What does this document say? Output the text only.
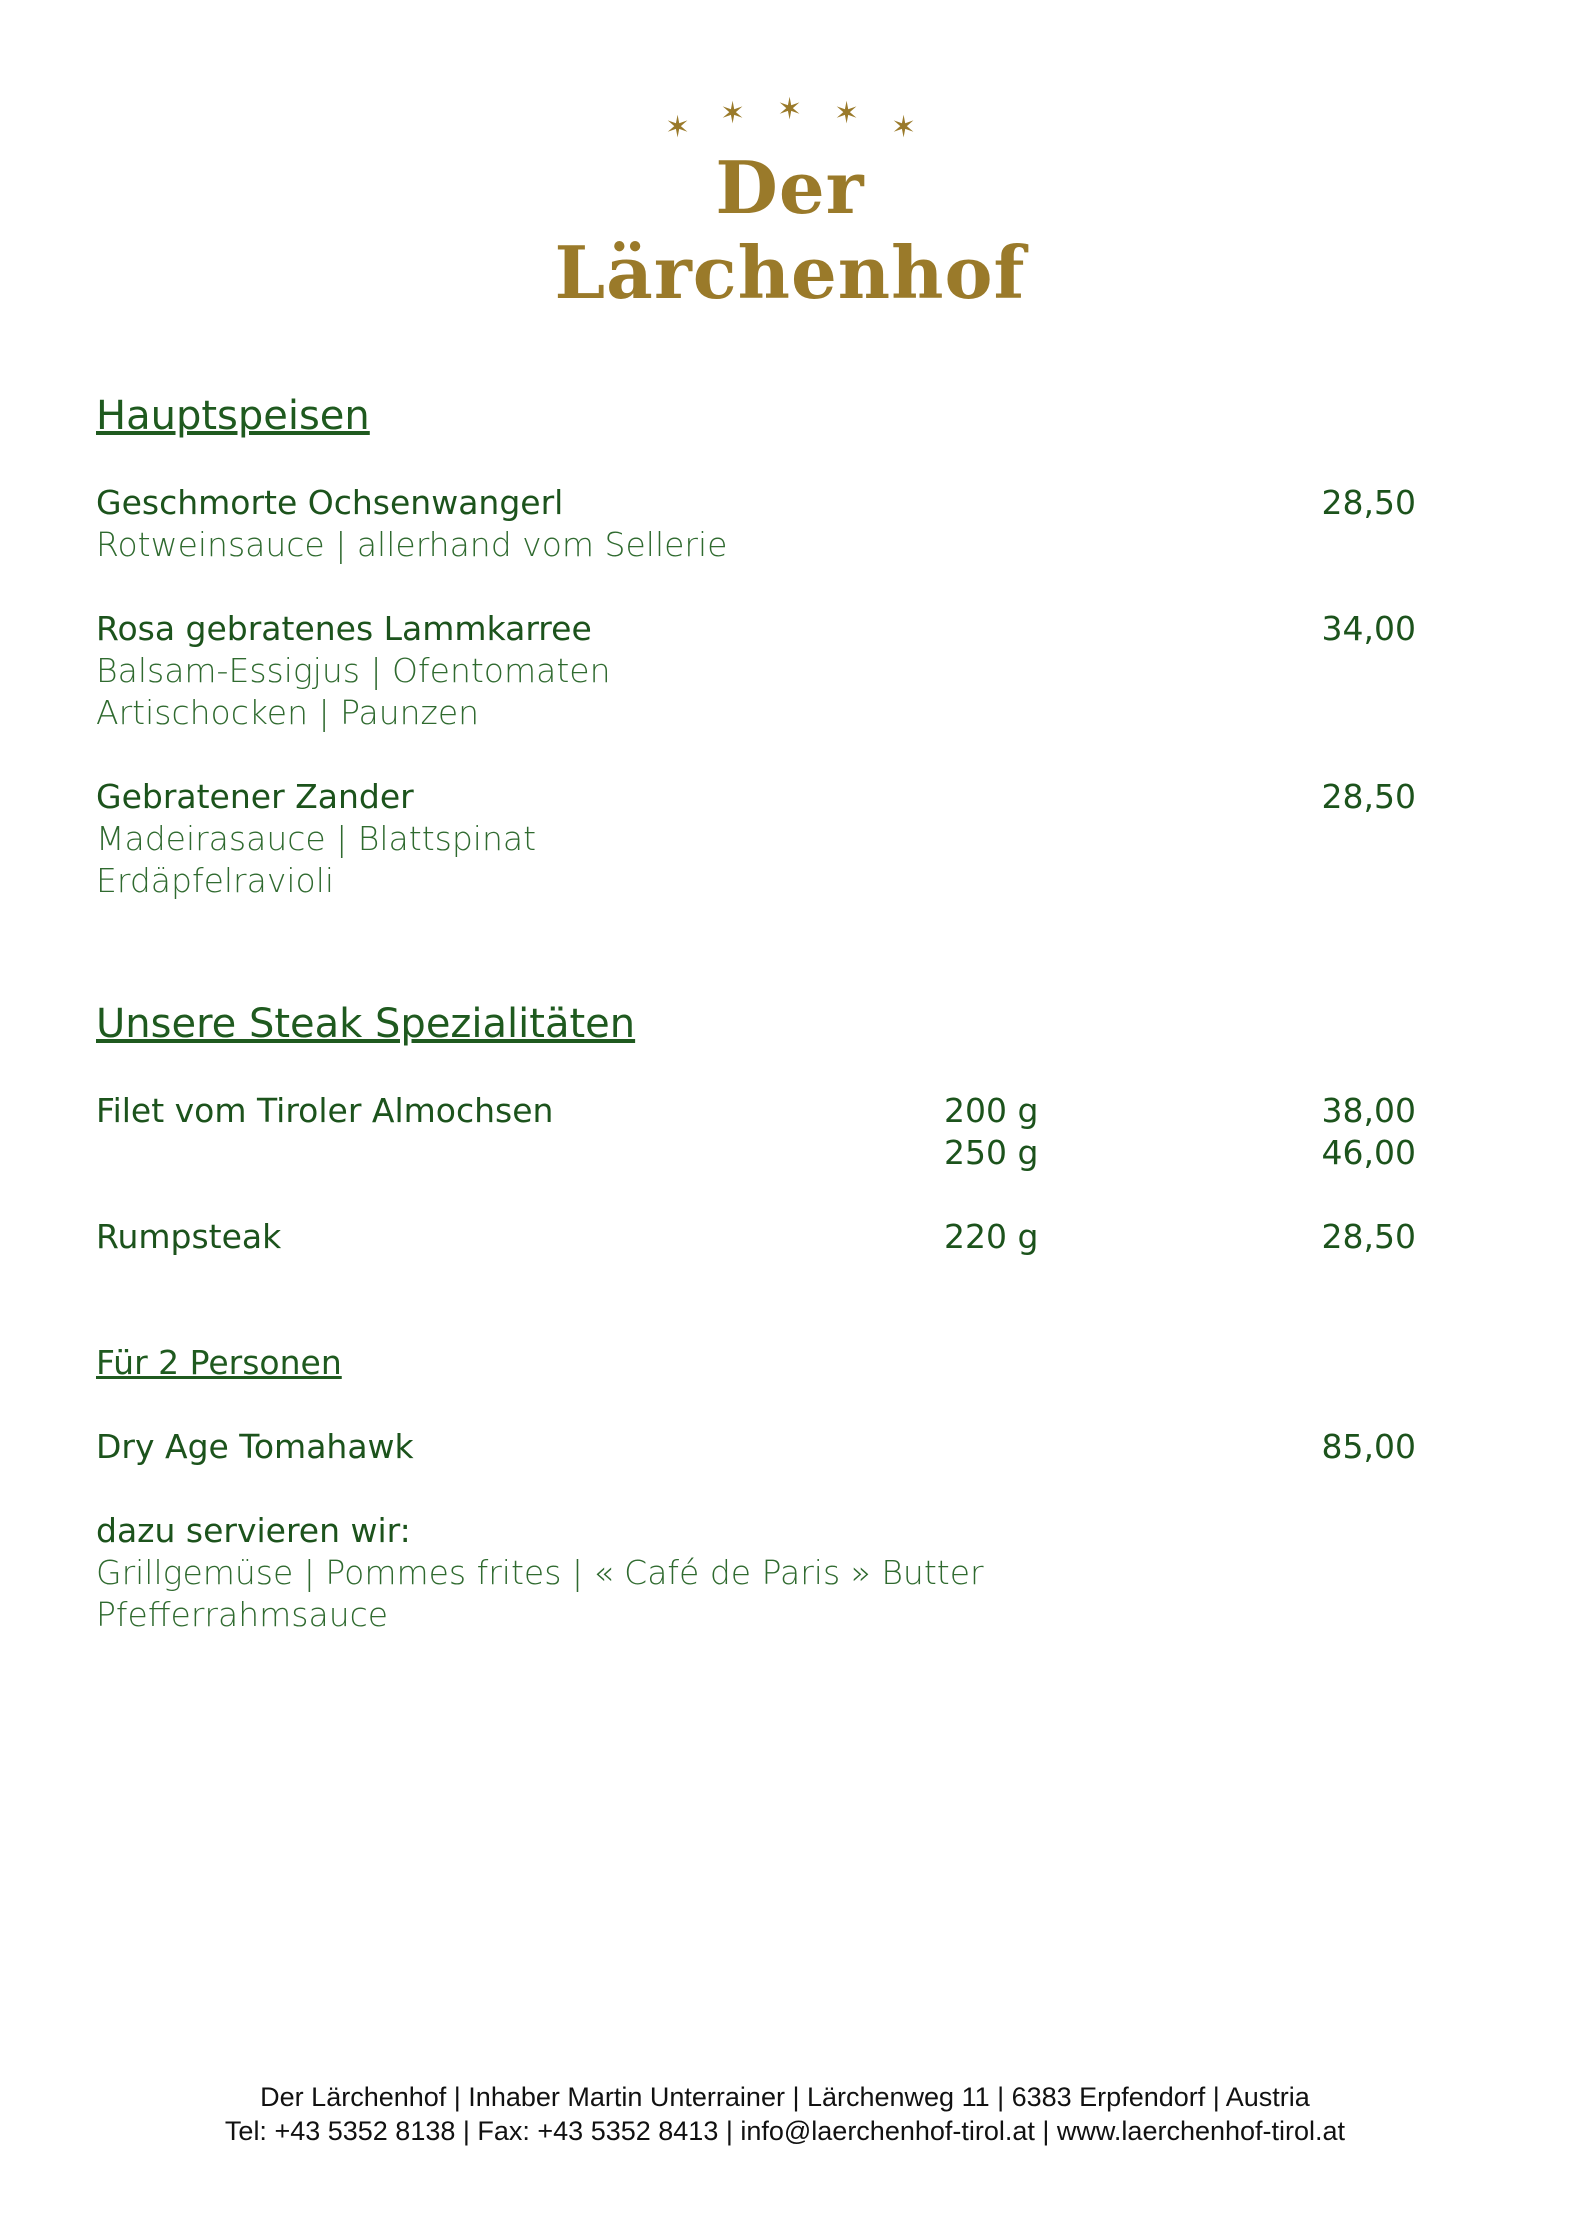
✶ ✶ ✶ ✶ ✶
Der Lärchenhof
Hauptspeisen
Geschmorte Ochsenwangerl
Rotweinsauce | allerhand vom Sellerie
28,50
Rosa gebratenes Lammkarree
Balsam-Essigjus | Ofentomaten
Artischocken | Paunzen
34,00
Gebratener Zander
Madeirasauce | Blattspinat
Erdäpfelravioli
28,50
Unsere Steak Spezialitäten
Filet vom Tiroler Almochsen	200 g	38,00
250 g	46,00
Rumpsteak	220 g	28,50
Für 2 Personen
Dry Age Tomahawk	85,00
dazu servieren wir:
Grillgemüse | Pommes frites | « Café de Paris » Butter
Pfefferrahmsauce
Der Lärchenhof | Inhaber Martin Unterrainer | Lärchenweg 11 | 6383 Erpfendorf | Austria
Tel: +43 5352 8138 | Fax: +43 5352 8413 | info@laerchenhof-tirol.at | www.laerchenhof-tirol.at
